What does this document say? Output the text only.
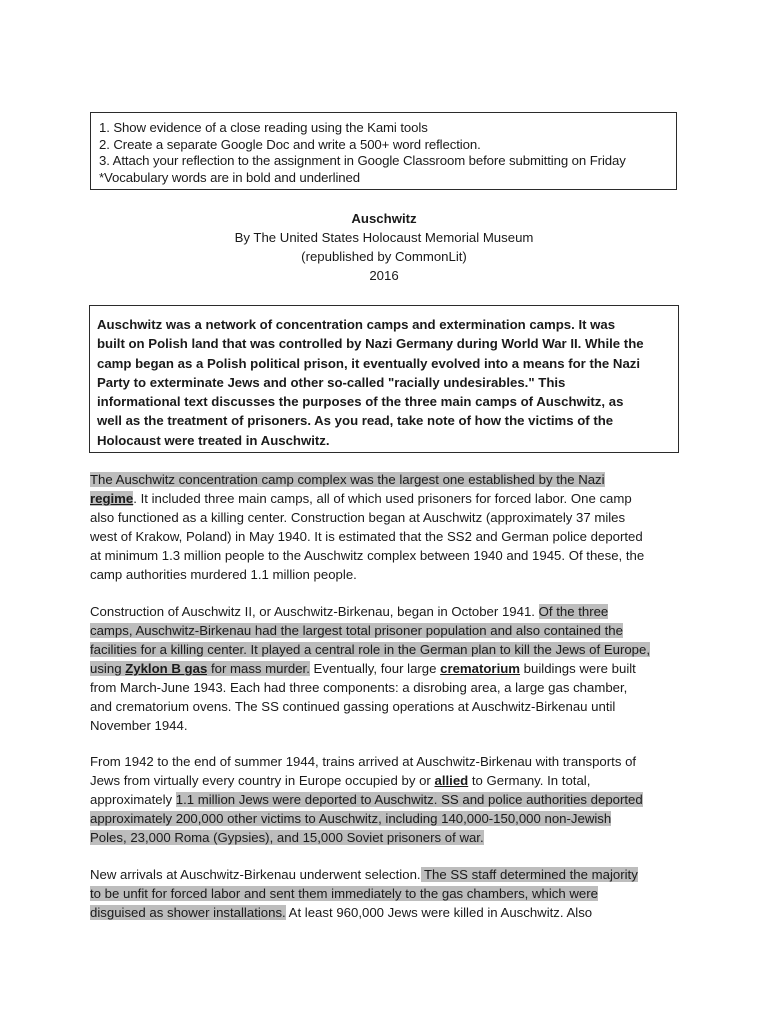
1. Show evidence of a close reading using the Kami tools
2. Create a separate Google Doc and write a 500+ word reflection.
3. Attach your reflection to the assignment in Google Classroom before submitting on Friday
*Vocabulary words are in bold and underlined
Auschwitz
By The United States Holocaust Memorial Museum
(republished by CommonLit)
2016
Auschwitz was a network of concentration camps and extermination camps. It was
built on Polish land that was controlled by Nazi Germany during World War II. While the
camp began as a Polish political prison, it eventually evolved into a means for the Nazi
Party to exterminate Jews and other so-called "racially undesirables." This
informational text discusses the purposes of the three main camps of Auschwitz, as
well as the treatment of prisoners. As you read, take note of how the victims of the
Holocaust were treated in Auschwitz.
The Auschwitz concentration camp complex was the largest one established by the Nazi
regime. It included three main camps, all of which used prisoners for forced labor. One camp
also functioned as a killing center. Construction began at Auschwitz (approximately 37 miles
west of Krakow, Poland) in May 1940. It is estimated that the SS2 and German police deported
at minimum 1.3 million people to the Auschwitz complex between 1940 and 1945. Of these, the
camp authorities murdered 1.1 million people.
Construction of Auschwitz II, or Auschwitz-Birkenau, began in October 1941. Of the three
camps, Auschwitz-Birkenau had the largest total prisoner population and also contained the
facilities for a killing center. It played a central role in the German plan to kill the Jews of Europe,
using Zyklon B gas for mass murder. Eventually, four large crematorium buildings were built
from March-June 1943. Each had three components: a disrobing area, a large gas chamber,
and crematorium ovens. The SS continued gassing operations at Auschwitz-Birkenau until
November 1944.
From 1942 to the end of summer 1944, trains arrived at Auschwitz-Birkenau with transports of
Jews from virtually every country in Europe occupied by or allied to Germany. In total,
approximately 1.1 million Jews were deported to Auschwitz. SS and police authorities deported
approximately 200,000 other victims to Auschwitz, including 140,000-150,000 non-Jewish
Poles, 23,000 Roma (Gypsies), and 15,000 Soviet prisoners of war.
New arrivals at Auschwitz-Birkenau underwent selection. The SS staff determined the majority
to be unfit for forced labor and sent them immediately to the gas chambers, which were
disguised as shower installations. At least 960,000 Jews were killed in Auschwitz. Also
